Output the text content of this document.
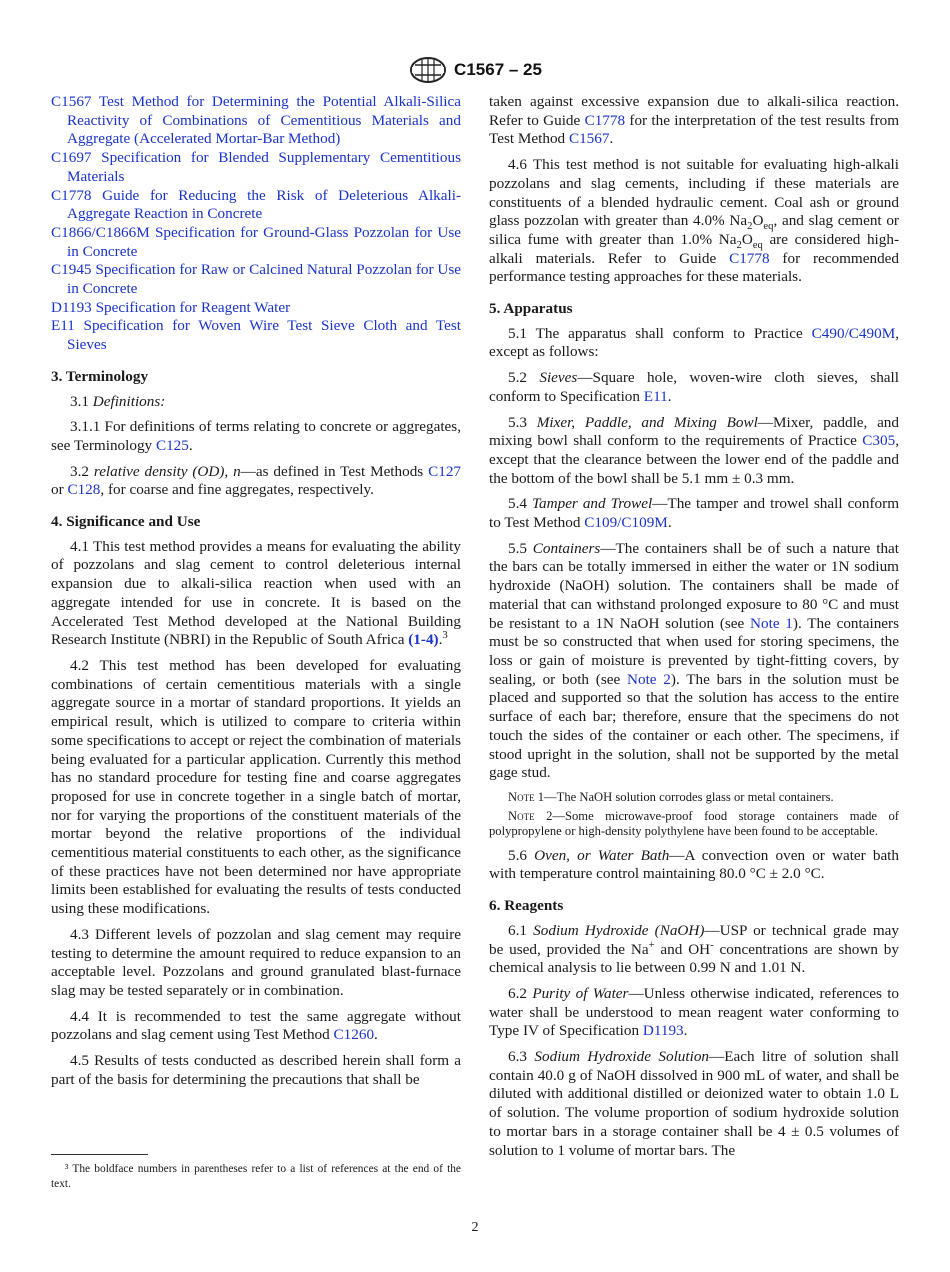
C1567 – 25
C1567 Test Method for Determining the Potential Alkali-Silica Reactivity of Combinations of Cementitious Materials and Aggregate (Accelerated Mortar-Bar Method)
C1697 Specification for Blended Supplementary Cementitious Materials
C1778 Guide for Reducing the Risk of Deleterious Alkali-Aggregate Reaction in Concrete
C1866/C1866M Specification for Ground-Glass Pozzolan for Use in Concrete
C1945 Specification for Raw or Calcined Natural Pozzolan for Use in Concrete
D1193 Specification for Reagent Water
E11 Specification for Woven Wire Test Sieve Cloth and Test Sieves
3. Terminology

3.1 Definitions:

3.1.1 For definitions of terms relating to concrete or aggregates, see Terminology C125.

3.2 relative density (OD), n—as defined in Test Methods C127 or C128, for coarse and fine aggregates, respectively.

4. Significance and Use

4.1 This test method provides a means for evaluating the ability of pozzolans and slag cement to control deleterious internal expansion due to alkali-silica reaction when used with an aggregate intended for use in concrete. It is based on the Accelerated Test Method developed at the National Building Research Institute (NBRI) in the Republic of South Africa (1-4).$^3$

4.2 This test method has been developed for evaluating combinations of certain cementitious materials with a single aggregate source in a mortar of standard proportions. It yields an empirical result, which is utilized to compare to criteria within some specifications to accept or reject the combination of materials being evaluated for a particular application. Currently this method has no standard procedure for testing fine and coarse aggregates proposed for use in concrete together in a single batch of mortar, nor for varying the proportions of the constituent materials of the mortar beyond the relative proportions of the individual cementitious material constituents to each other, as the significance of these practices have not been determined nor have appropriate limits been established for evaluating the results of tests conducted using these modifications.

4.3 Different levels of pozzolan and slag cement may require testing to determine the amount required to reduce expansion to an acceptable level. Pozzolans and ground granulated blast-furnace slag may be tested separately or in combination.

4.4 It is recommended to test the same aggregate without pozzolans and slag cement using Test Method C1260.

4.5 Results of tests conducted as described herein shall form a part of the basis for determining the precautions that shall be

³ The boldface numbers in parentheses refer to a list of references at the end of the text.

taken against excessive expansion due to alkali-silica reaction. Refer to Guide C1778 for the interpretation of the test results from Test Method C1567.

4.6 This test method is not suitable for evaluating high-alkali pozzolans and slag cements, including if these materials are constituents of a blended hydraulic cement. Coal ash or ground glass pozzolan with greater than 4.0% $Na_2O_{eq}$, and slag cement or silica fume with greater than 1.0% $Na_2O_{eq}$ are considered high-alkali materials. Refer to Guide C1778 for recommended performance testing approaches for these materials.

5. Apparatus

5.1 The apparatus shall conform to Practice C490/C490M, except as follows:

5.2 Sieves—Square hole, woven-wire cloth sieves, shall conform to Specification E11.

5.3 Mixer, Paddle, and Mixing Bowl—Mixer, paddle, and mixing bowl shall conform to the requirements of Practice C305, except that the clearance between the lower end of the paddle and the bottom of the bowl shall be 5.1 mm ± 0.3 mm.

5.4 Tamper and Trowel—The tamper and trowel shall conform to Test Method C109/C109M.

5.5 Containers—The containers shall be of such a nature that the bars can be totally immersed in either the water or 1N sodium hydroxide (NaOH) solution. The containers shall be made of material that can withstand prolonged exposure to 80 °C and must be resistant to a 1N NaOH solution (see Note 1). The containers must be so constructed that when used for storing specimens, the loss or gain of moisture is prevented by tight-fitting covers, by sealing, or both (see Note 2). The bars in the solution must be placed and supported so that the solution has access to the entire surface of each bar; therefore, ensure that the specimens do not touch the sides of the container or each other. The specimens, if stood upright in the solution, shall not be supported by the metal gage stud.

Note 1—The NaOH solution corrodes glass or metal containers.

Note 2—Some microwave-proof food storage containers made of polypropylene or high-density polythylene have been found to be acceptable.

5.6 Oven, or Water Bath—A convection oven or water bath with temperature control maintaining 80.0 °C ± 2.0 °C.

6. Reagents

6.1 Sodium Hydroxide (NaOH)—USP or technical grade may be used, provided the Na+ and OH- concentrations are shown by chemical analysis to lie between 0.99 N and 1.01 N.

6.2 Purity of Water—Unless otherwise indicated, references to water shall be understood to mean reagent water conforming to Type IV of Specification D1193.

6.3 Sodium Hydroxide Solution—Each litre of solution shall contain 40.0 g of NaOH dissolved in 900 mL of water, and shall be diluted with additional distilled or deionized water to obtain 1.0 L of solution. The volume proportion of sodium hydroxide solution to mortar bars in a storage container shall be 4 ± 0.5 volumes of solution to 1 volume of mortar bars. The

2
